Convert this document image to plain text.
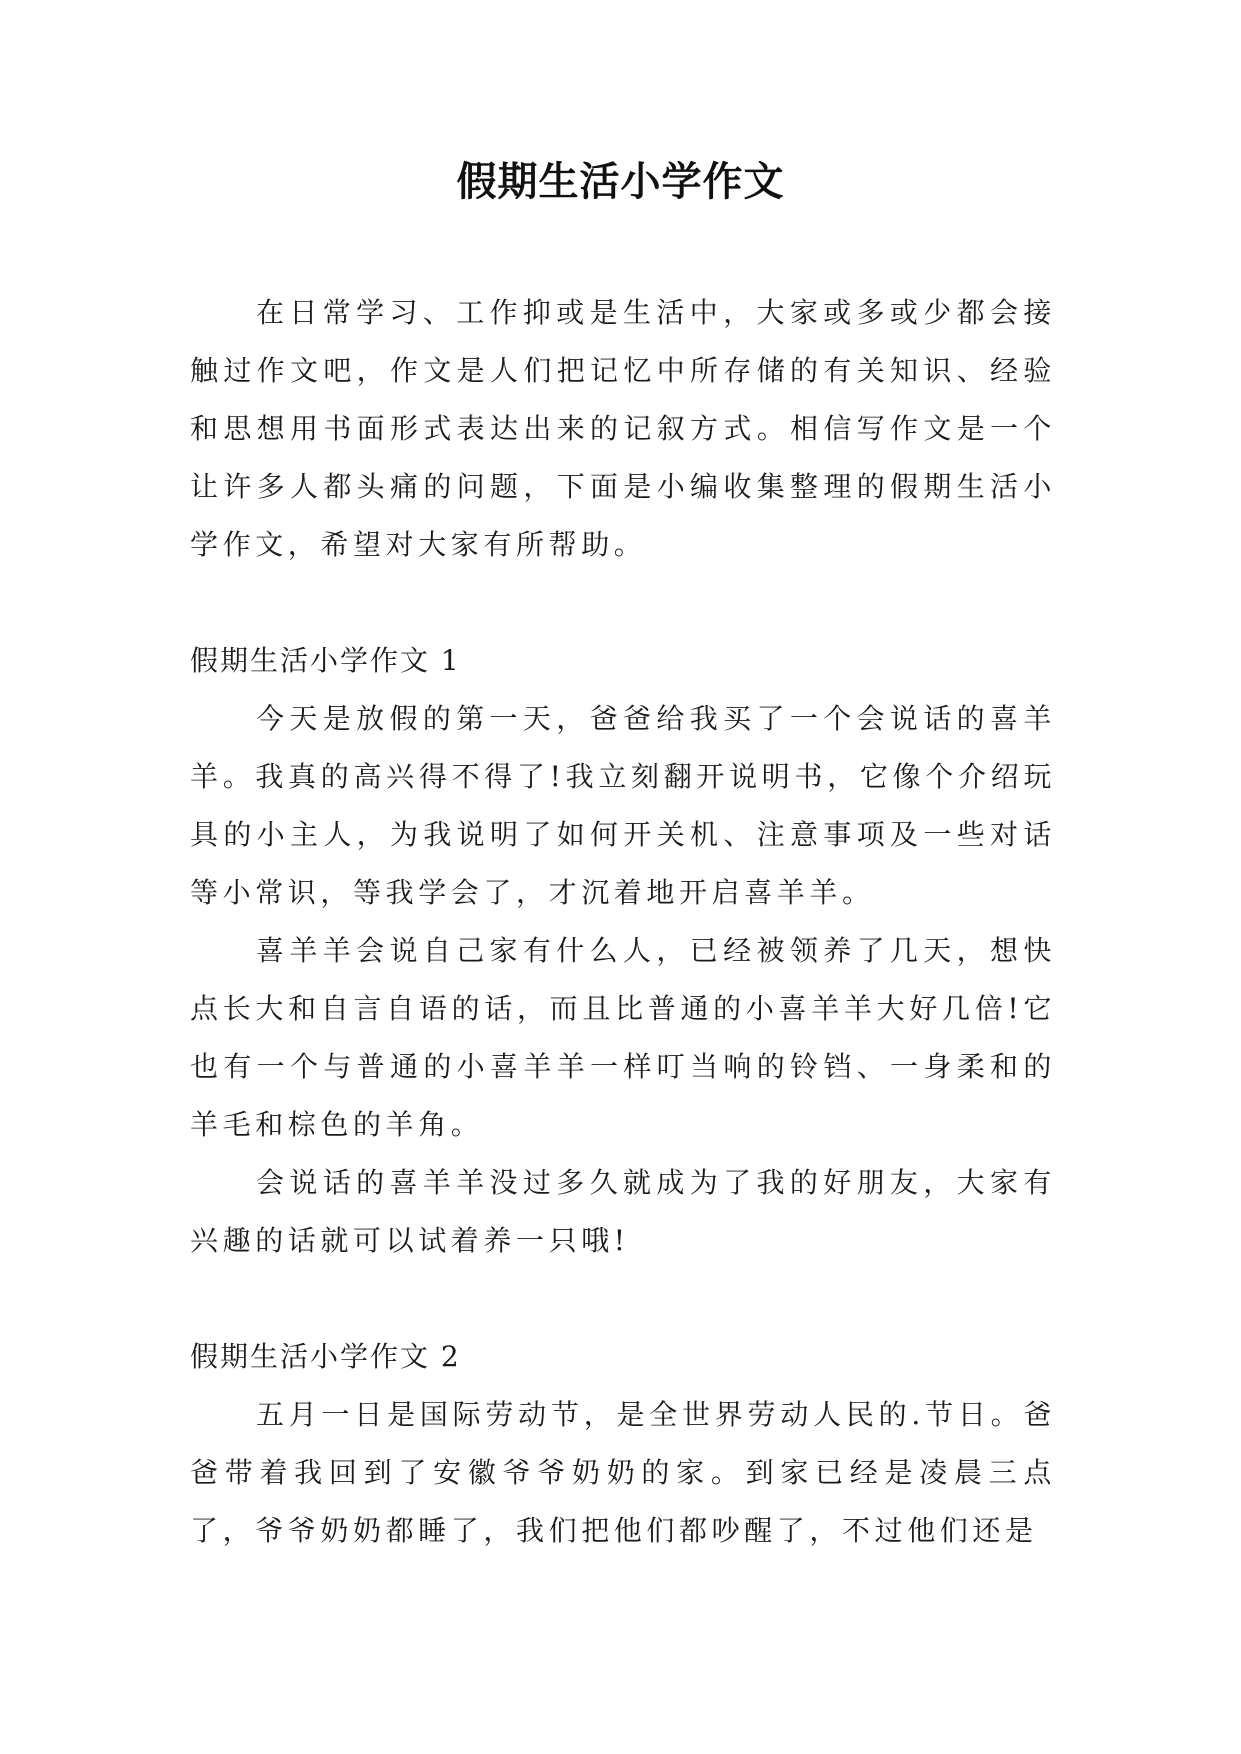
假期生活小学作文

在日常学习、工作抑或是生活中，大家或多或少都会接触过作文吧，作文是人们把记忆中所存储的有关知识、经验和思想用书面形式表达出来的记叙方式。相信写作文是一个让许多人都头痛的问题，下面是小编收集整理的假期生活小学作文，希望对大家有所帮助。

假期生活小学作文 1

今天是放假的第一天，爸爸给我买了一个会说话的喜羊羊。我真的高兴得不得了!我立刻翻开说明书，它像个介绍玩具的小主人，为我说明了如何开关机、注意事项及一些对话等小常识，等我学会了，才沉着地开启喜羊羊。

喜羊羊会说自己家有什么人，已经被领养了几天，想快点长大和自言自语的话，而且比普通的小喜羊羊大好几倍!它也有一个与普通的小喜羊羊一样叮当响的铃铛、一身柔和的羊毛和棕色的羊角。

会说话的喜羊羊没过多久就成为了我的好朋友，大家有兴趣的话就可以试着养一只哦!

假期生活小学作文 2

五月一日是国际劳动节，是全世界劳动人民的.节日。爸爸带着我回到了安徽爷爷奶奶的家。到家已经是凌晨三点了，爷爷奶奶都睡了，我们把他们都吵醒了，不过他们还是
